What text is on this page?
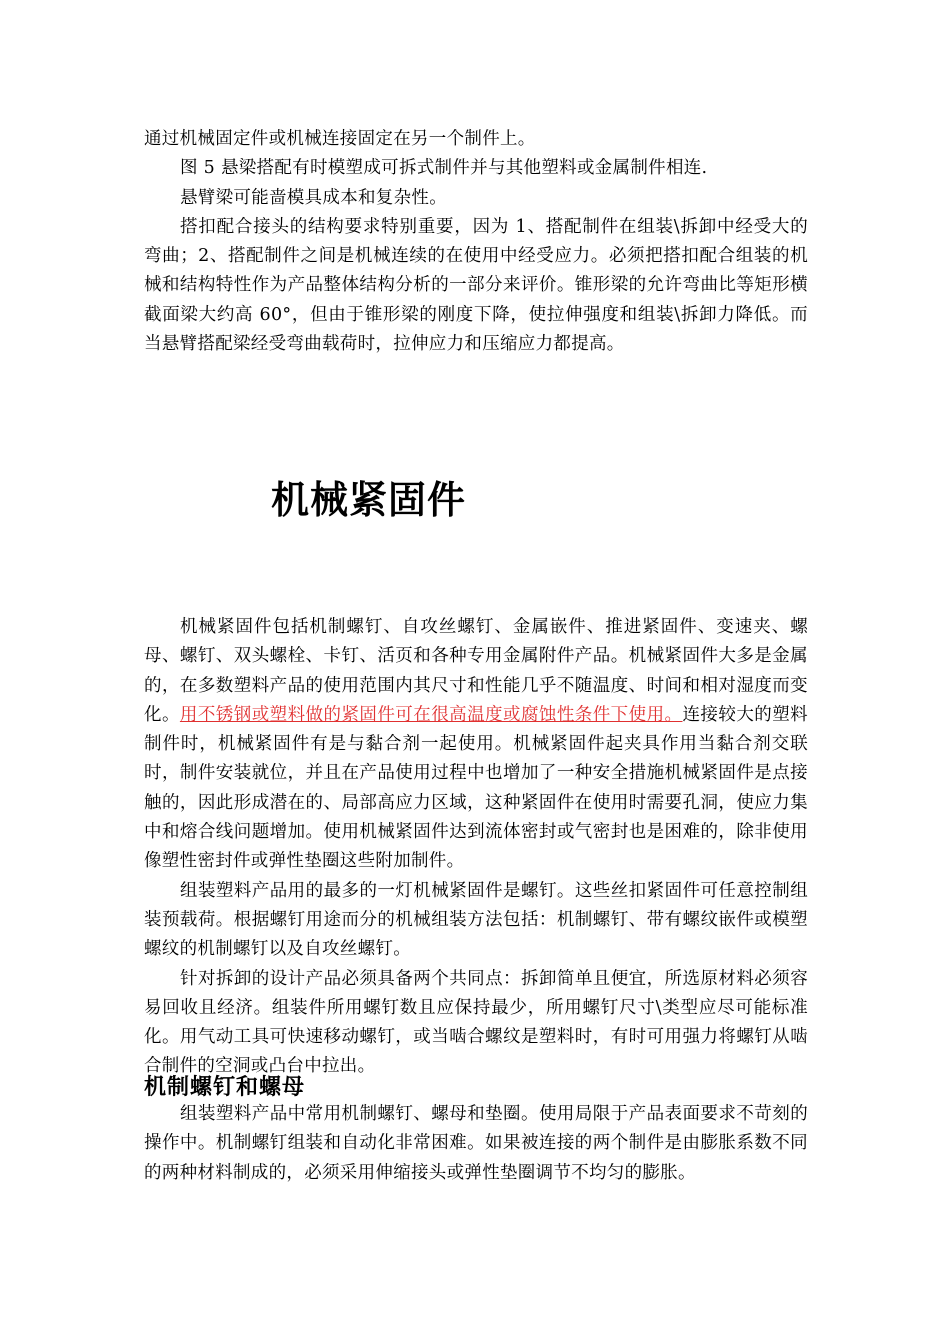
通过机械固定件或机械连接固定在另一个制件上。

图 5 悬梁搭配有时模塑成可拆式制件并与其他塑料或金属制件相连.

悬臂梁可能啬模具成本和复杂性。

搭扣配合接头的结构要求特别重要，因为 1、搭配制件在组装\拆卸中经受大的弯曲；2、搭配制件之间是机械连续的在使用中经受应力。必须把搭扣配合组装的机械和结构特性作为产品整体结构分析的一部分来评价。锥形梁的允许弯曲比等矩形横截面梁大约高 60°，但由于锥形梁的刚度下降，使拉伸强度和组装\拆卸力降低。而当悬臂搭配梁经受弯曲载荷时，拉伸应力和压缩应力都提高。

机械紧固件

机械紧固件包括机制螺钉、自攻丝螺钉、金属嵌件、推进紧固件、变速夹、螺母、螺钉、双头螺栓、卡钉、活页和各种专用金属附件产品。机械紧固件大多是金属的，在多数塑料产品的使用范围内其尺寸和性能几乎不随温度、时间和相对湿度而变化。用不锈钢或塑料做的紧固件可在很高温度或腐蚀性条件下使用。连接较大的塑料制件时，机械紧固件有是与黏合剂一起使用。机械紧固件起夹具作用当黏合剂交联时，制件安装就位，并且在产品使用过程中也增加了一种安全措施机械紧固件是点接触的，因此形成潜在的、局部高应力区域，这种紧固件在使用时需要孔洞，使应力集中和熔合线问题增加。使用机械紧固件达到流体密封或气密封也是困难的，除非使用像塑性密封件或弹性垫圈这些附加制件。

组装塑料产品用的最多的一灯机械紧固件是螺钉。这些丝扣紧固件可任意控制组装预载荷。根据螺钉用途而分的机械组装方法包括：机制螺钉、带有螺纹嵌件或模塑螺纹的机制螺钉以及自攻丝螺钉。

针对拆卸的设计产品必须具备两个共同点：拆卸简单且便宜，所选原材料必须容易回收且经济。组装件所用螺钉数且应保持最少，所用螺钉尺寸\类型应尽可能标准化。用气动工具可快速移动螺钉，或当啮合螺纹是塑料时，有时可用强力将螺钉从啮合制件的空洞或凸台中拉出。

机制螺钉和螺母

组装塑料产品中常用机制螺钉、螺母和垫圈。使用局限于产品表面要求不苛刻的操作中。机制螺钉组装和自动化非常困难。如果被连接的两个制件是由膨胀系数不同的两种材料制成的，必须采用伸缩接头或弹性垫圈调节不均匀的膨胀。
